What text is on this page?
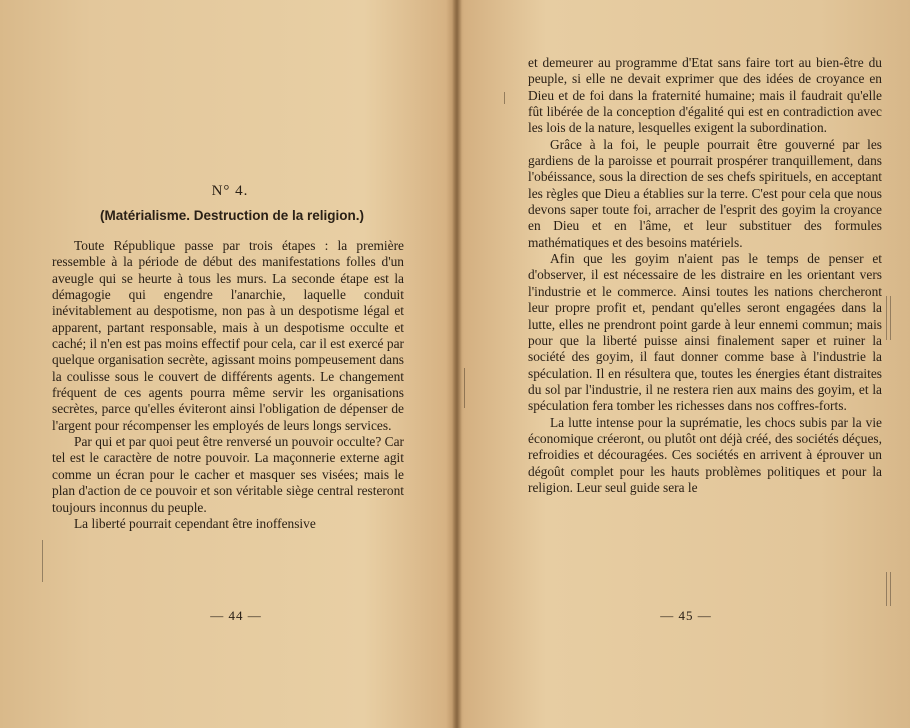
N° 4.
(Matérialisme. Destruction de la religion.)

Toute République passe par trois étapes : la première ressemble à la période de début des manifestations folles d'un aveugle qui se heurte à tous les murs. La seconde étape est la démagogie qui engendre l'anarchie, laquelle conduit inévitablement au despotisme, non pas à un despotisme légal et apparent, partant responsable, mais à un despotisme occulte et caché; il n'en est pas moins effectif pour cela, car il est exercé par quelque organisation secrète, agissant moins pompeusement dans la coulisse sous le couvert de différents agents. Le changement fréquent de ces agents pourra même servir les organisations secrètes, parce qu'elles éviteront ainsi l'obligation de dépenser de l'argent pour récompenser les employés de leurs longs services.

Par qui et par quoi peut être renversé un pouvoir occulte? Car tel est le caractère de notre pouvoir. La maçonnerie externe agit comme un écran pour le cacher et masquer ses visées; mais le plan d'action de ce pouvoir et son véritable siège central resteront toujours inconnus du peuple.

La liberté pourrait cependant être inoffensive

— 44 —

et demeurer au programme d'Etat sans faire tort au bien-être du peuple, si elle ne devait exprimer que des idées de croyance en Dieu et de foi dans la fraternité humaine; mais il faudrait qu'elle fût libérée de la conception d'égalité qui est en contradiction avec les lois de la nature, lesquelles exigent la subordination.

Grâce à la foi, le peuple pourrait être gouverné par les gardiens de la paroisse et pourrait prospérer tranquillement, dans l'obéissance, sous la direction de ses chefs spirituels, en acceptant les règles que Dieu a établies sur la terre. C'est pour cela que nous devons saper toute foi, arracher de l'esprit des goyim la croyance en Dieu et en l'âme, et leur substituer des formules mathématiques et des besoins matériels.

Afin que les goyim n'aient pas le temps de penser et d'observer, il est nécessaire de les distraire en les orientant vers l'industrie et le commerce. Ainsi toutes les nations chercheront leur propre profit et, pendant qu'elles seront engagées dans la lutte, elles ne prendront point garde à leur ennemi commun; mais pour que la liberté puisse ainsi finalement saper et ruiner la société des goyim, il faut donner comme base à l'industrie la spéculation. Il en résultera que, toutes les énergies étant distraites du sol par l'industrie, il ne restera rien aux mains des goyim, et la spéculation fera tomber les richesses dans nos coffres-forts.

La lutte intense pour la suprématie, les chocs subis par la vie économique créeront, ou plutôt ont déjà créé, des sociétés déçues, refroidies et découragées. Ces sociétés en arrivent à éprouver un dégoût complet pour les hauts problèmes politiques et pour la religion. Leur seul guide sera le

— 45 —
